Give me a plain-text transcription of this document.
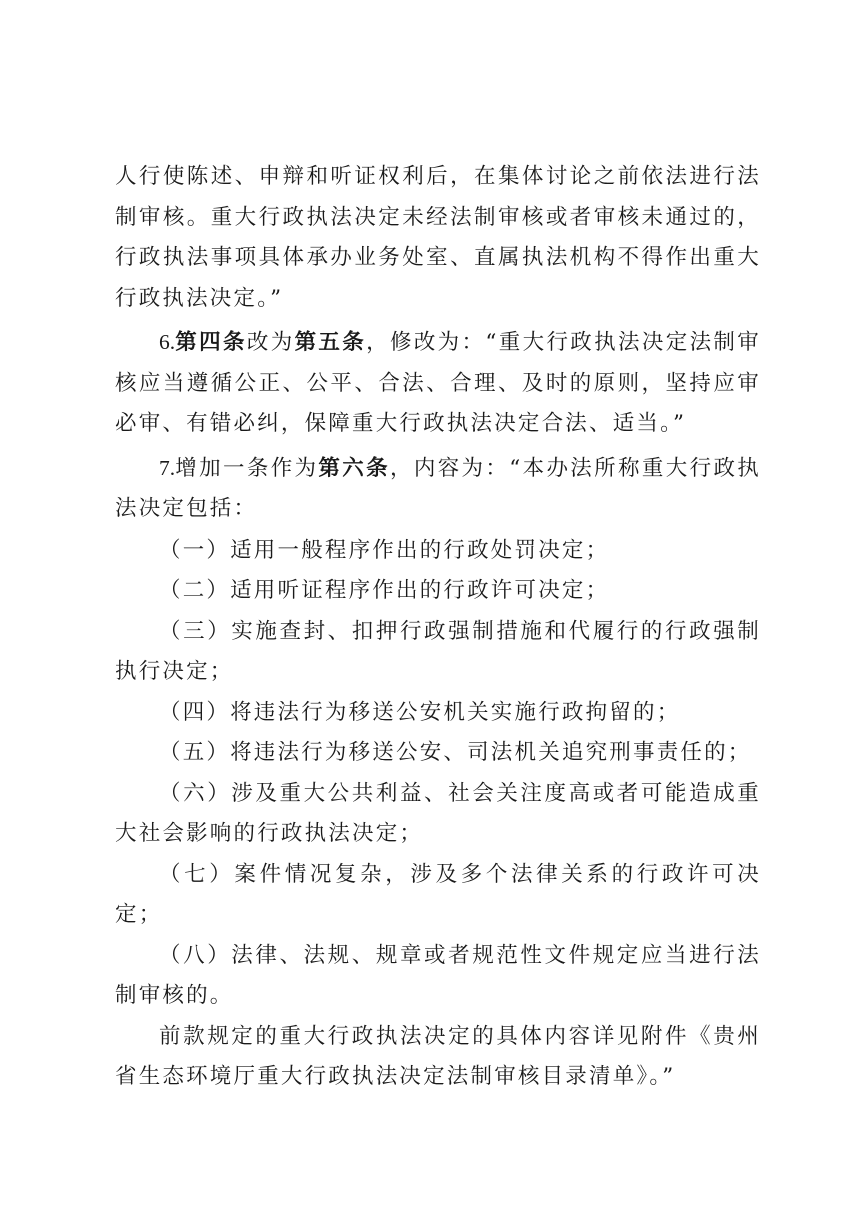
人行使陈述、申辩和听证权利后，在集体讨论之前依法进行法制审核。重大行政执法决定未经法制审核或者审核未通过的，行政执法事项具体承办业务处室、直属执法机构不得作出重大行政执法决定。”

6.第四条改为第五条，修改为：“重大行政执法决定法制审核应当遵循公正、公平、合法、合理、及时的原则，坚持应审必审、有错必纠，保障重大行政执法决定合法、适当。”

7.增加一条作为第六条，内容为：“本办法所称重大行政执法决定包括：

（一）适用一般程序作出的行政处罚决定；

（二）适用听证程序作出的行政许可决定；

（三）实施查封、扣押行政强制措施和代履行的行政强制执行决定；

（四）将违法行为移送公安机关实施行政拘留的；

（五）将违法行为移送公安、司法机关追究刑事责任的；

（六）涉及重大公共利益、社会关注度高或者可能造成重大社会影响的行政执法决定；

（七）案件情况复杂，涉及多个法律关系的行政许可决定；

（八）法律、法规、规章或者规范性文件规定应当进行法制审核的。

前款规定的重大行政执法决定的具体内容详见附件《贵州省生态环境厅重大行政执法决定法制审核目录清单》。”
